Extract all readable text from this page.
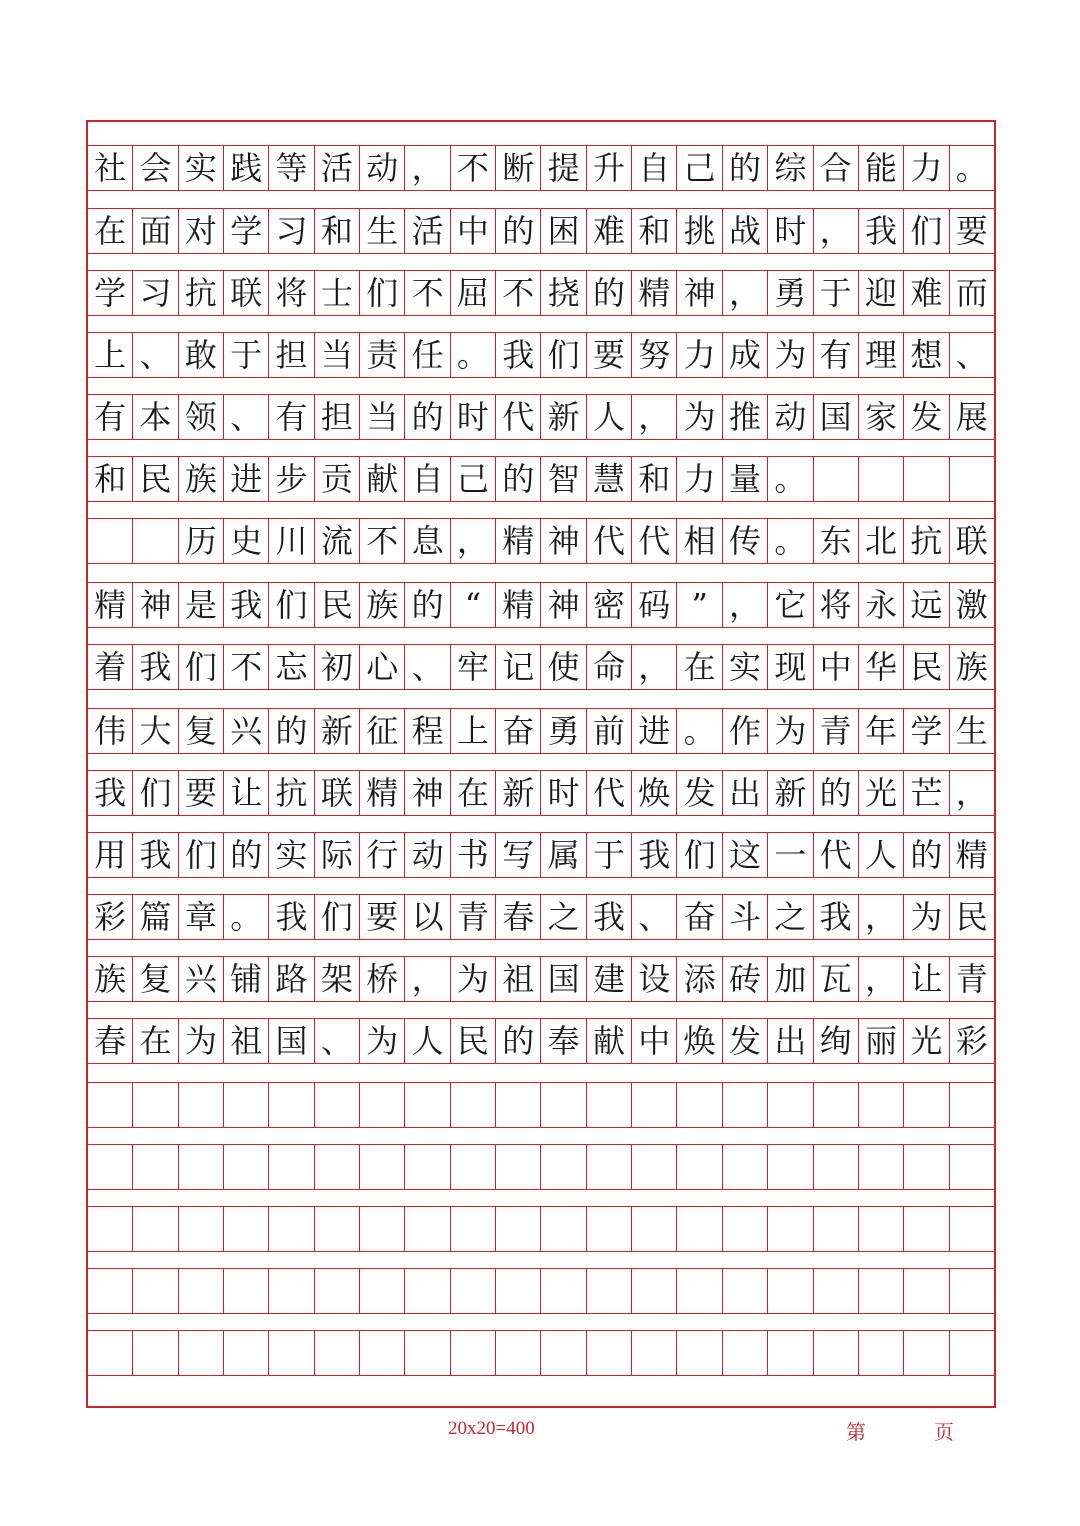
社 会 实 践 等 活 动 ， 不 断 提 升 自 己 的 综 合 能 力 。
在 面 对 学 习 和 生 活 中 的 困 难 和 挑 战 时 ， 我 们 要
学 习 抗 联 将 士 们 不 屈 不 挠 的 精 神 ， 勇 于 迎 难 而
上 、 敢 于 担 当 责 任 。 我 们 要 努 力 成 为 有 理 想 、
有 本 领 、 有 担 当 的 时 代 新 人 ， 为 推 动 国 家 发 展
和 民 族 进 步 贡 献 自 己 的 智 慧 和 力 量 。

历 史 川 流 不 息 ， 精 神 代 代 相 传 。 东 北 抗 联
精 神 是 我 们 民 族 的 “ 精 神 密 码 ” ， 它 将 永 远 激
着 我 们 不 忘 初 心 、 牢 记 使 命 ， 在 实 现 中 华 民 族
伟 大 复 兴 的 新 征 程 上 奋 勇 前 进 。 作 为 青 年 学 生
我 们 要 让 抗 联 精 神 在 新 时 代 焕 发 出 新 的 光 芒 ，
用 我 们 的 实 际 行 动 书 写 属 于 我 们 这 一 代 人 的 精
彩 篇 章 。 我 们 要 以 青 春 之 我 、 奋 斗 之 我 ， 为 民
族 复 兴 铺 路 架 桥 ， 为 祖 国 建 设 添 砖 加 瓦 ， 让 青
春 在 为 祖 国 、 为 人 民 的 奉 献 中 焕 发 出 绚 丽 光 彩
20x20=400	第	页
